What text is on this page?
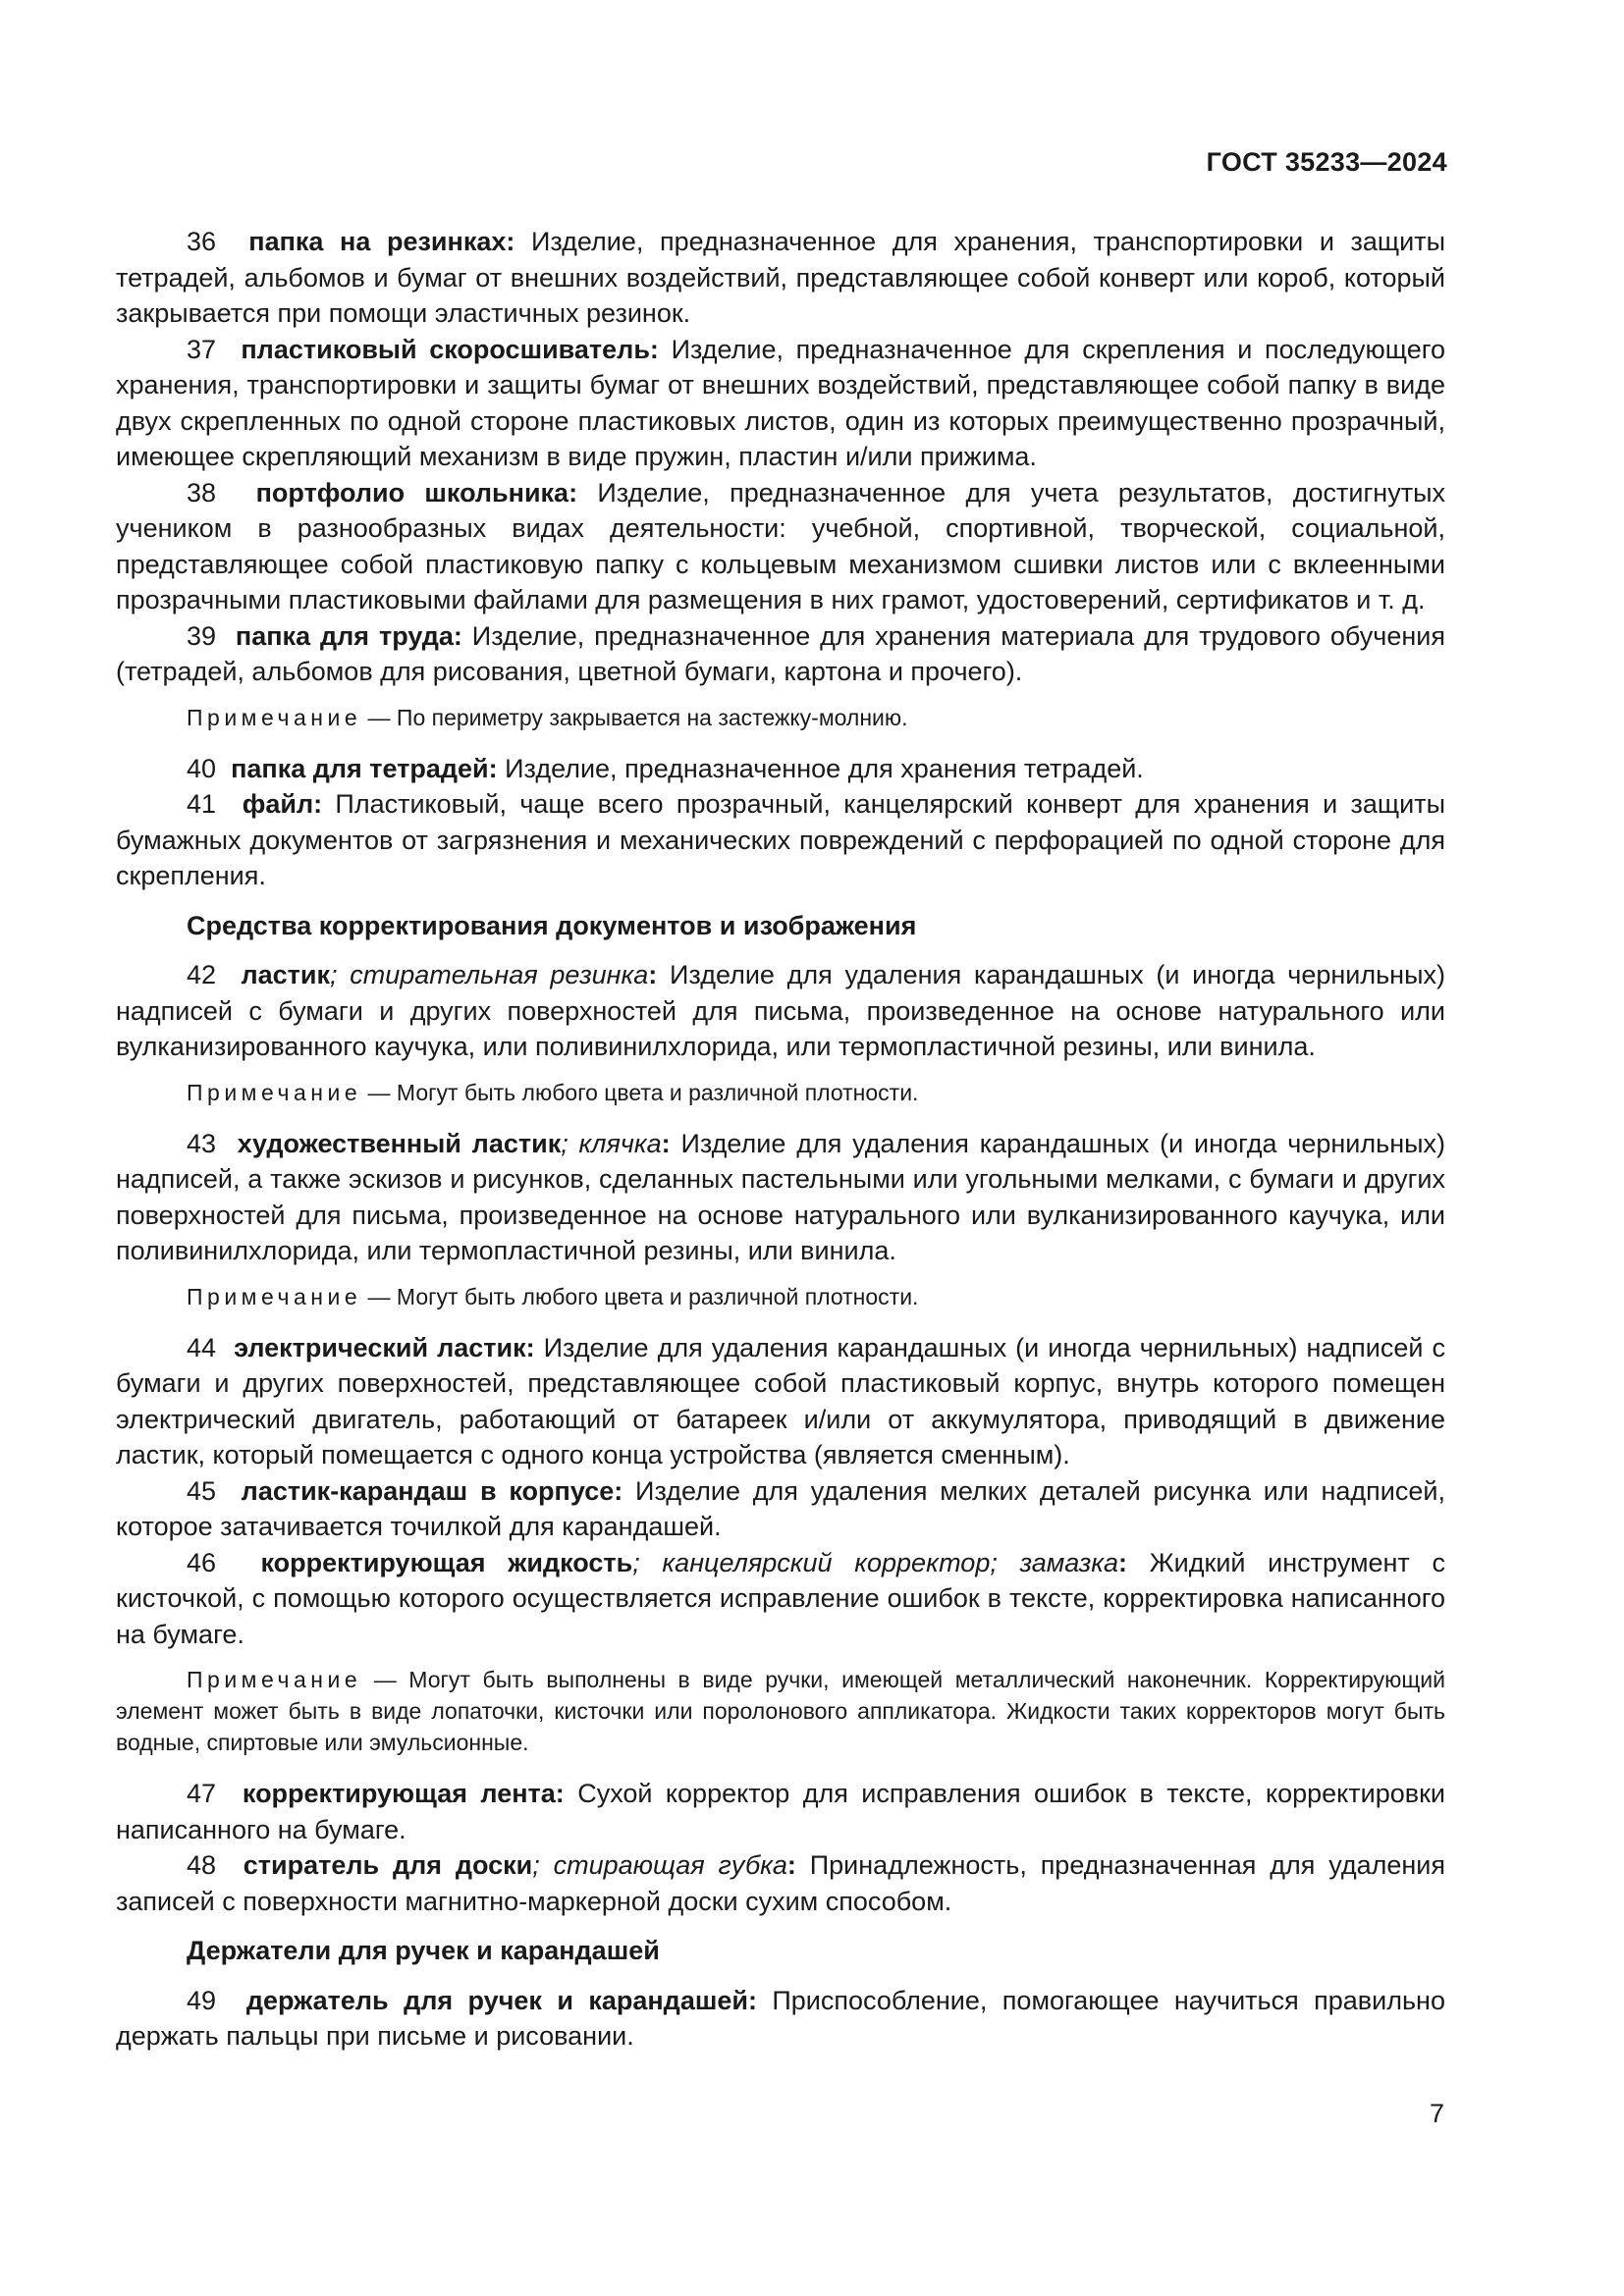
ГОСТ 35233—2024

36 папка на резинках: Изделие, предназначенное для хранения, транспортировки и защиты тетрадей, альбомов и бумаг от внешних воздействий, представляющее собой конверт или короб, который закрывается при помощи эластичных резинок.

37 пластиковый скоросшиватель: Изделие, предназначенное для скрепления и последующего хранения, транспортировки и защиты бумаг от внешних воздействий, представляющее собой папку в виде двух скрепленных по одной стороне пластиковых листов, один из которых преимущественно прозрачный, имеющее скрепляющий механизм в виде пружин, пластин и/или прижима.

38 портфолио школьника: Изделие, предназначенное для учета результатов, достигнутых учеником в разнообразных видах деятельности: учебной, спортивной, творческой, социальной, представляющее собой пластиковую папку с кольцевым механизмом сшивки листов или с вклеенными прозрачными пластиковыми файлами для размещения в них грамот, удостоверений, сертификатов и т. д.

39 папка для труда: Изделие, предназначенное для хранения материала для трудового обучения (тетрадей, альбомов для рисования, цветной бумаги, картона и прочего).

Примечание — По периметру закрывается на застежку-молнию.

40 папка для тетрадей: Изделие, предназначенное для хранения тетрадей.

41 файл: Пластиковый, чаще всего прозрачный, канцелярский конверт для хранения и защиты бумажных документов от загрязнения и механических повреждений с перфорацией по одной стороне для скрепления.

Средства корректирования документов и изображения

42 ластик; стирательная резинка: Изделие для удаления карандашных (и иногда чернильных) надписей с бумаги и других поверхностей для письма, произведенное на основе натурального или вулканизированного каучука, или поливинилхлорида, или термопластичной резины, или винила.

Примечание — Могут быть любого цвета и различной плотности.

43 художественный ластик; клячка: Изделие для удаления карандашных (и иногда чернильных) надписей, а также эскизов и рисунков, сделанных пастельными или угольными мелками, с бумаги и других поверхностей для письма, произведенное на основе натурального или вулканизированного каучука, или поливинилхлорида, или термопластичной резины, или винила.

Примечание — Могут быть любого цвета и различной плотности.

44 электрический ластик: Изделие для удаления карандашных (и иногда чернильных) надписей с бумаги и других поверхностей, представляющее собой пластиковый корпус, внутрь которого помещен электрический двигатель, работающий от батареек и/или от аккумулятора, приводящий в движение ластик, который помещается с одного конца устройства (является сменным).

45 ластик-карандаш в корпусе: Изделие для удаления мелких деталей рисунка или надписей, которое затачивается точилкой для карандашей.

46 корректирующая жидкость; канцелярский корректор; замазка: Жидкий инструмент с кисточкой, с помощью которого осуществляется исправление ошибок в тексте, корректировка написанного на бумаге.

Примечание — Могут быть выполнены в виде ручки, имеющей металлический наконечник. Корректирующий элемент может быть в виде лопаточки, кисточки или поролонового аппликатора. Жидкости таких корректоров могут быть водные, спиртовые или эмульсионные.

47 корректирующая лента: Сухой корректор для исправления ошибок в тексте, корректировки написанного на бумаге.

48 стиратель для доски; стирающая губка: Принадлежность, предназначенная для удаления записей с поверхности магнитно-маркерной доски сухим способом.

Держатели для ручек и карандашей

49 держатель для ручек и карандашей: Приспособление, помогающее научиться правильно держать пальцы при письме и рисовании.

7
